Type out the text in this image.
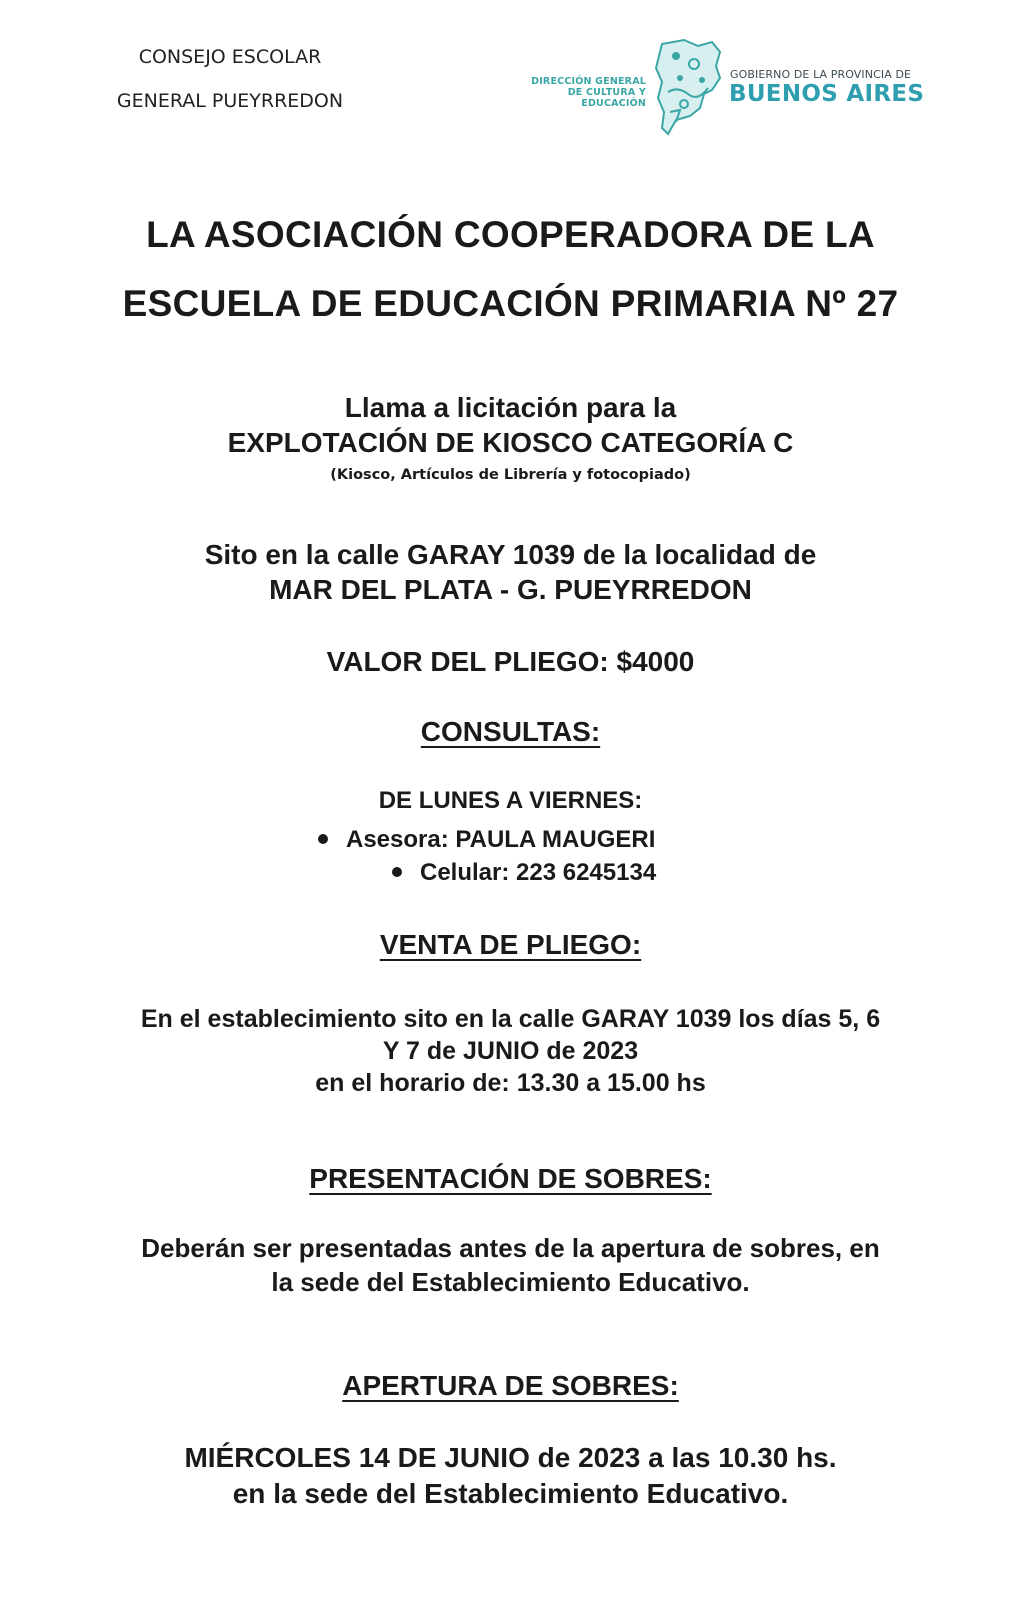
CONSEJO ESCOLAR
GENERAL PUEYRREDON
DIRECCIÓN GENERAL
DE CULTURA Y EDUCACIÓN
GOBIERNO DE LA PROVINCIA DE
BUENOS AIRES
LA ASOCIACIÓN COOPERADORA DE LA
ESCUELA DE EDUCACIÓN PRIMARIA Nº 27
Llama a licitación para la
EXPLOTACIÓN DE KIOSCO CATEGORÍA C
(Kiosco, Artículos de Librería y fotocopiado)
Sito en la calle GARAY 1039 de la localidad de
MAR DEL PLATA - G. PUEYRREDON
VALOR DEL PLIEGO: $4000
CONSULTAS:
DE LUNES A VIERNES:
Asesora: PAULA MAUGERI
Celular: 223 6245134
VENTA DE PLIEGO:
En el establecimiento sito en la calle GARAY 1039 los días 5, 6
Y 7 de JUNIO de 2023
en el horario de: 13.30 a 15.00 hs
PRESENTACIÓN DE SOBRES:
Deberán ser presentadas antes de la apertura de sobres, en
la sede del Establecimiento Educativo.
APERTURA DE SOBRES:
MIÉRCOLES 14 DE JUNIO de 2023 a las 10.30 hs.
en la sede del Establecimiento Educativo.
